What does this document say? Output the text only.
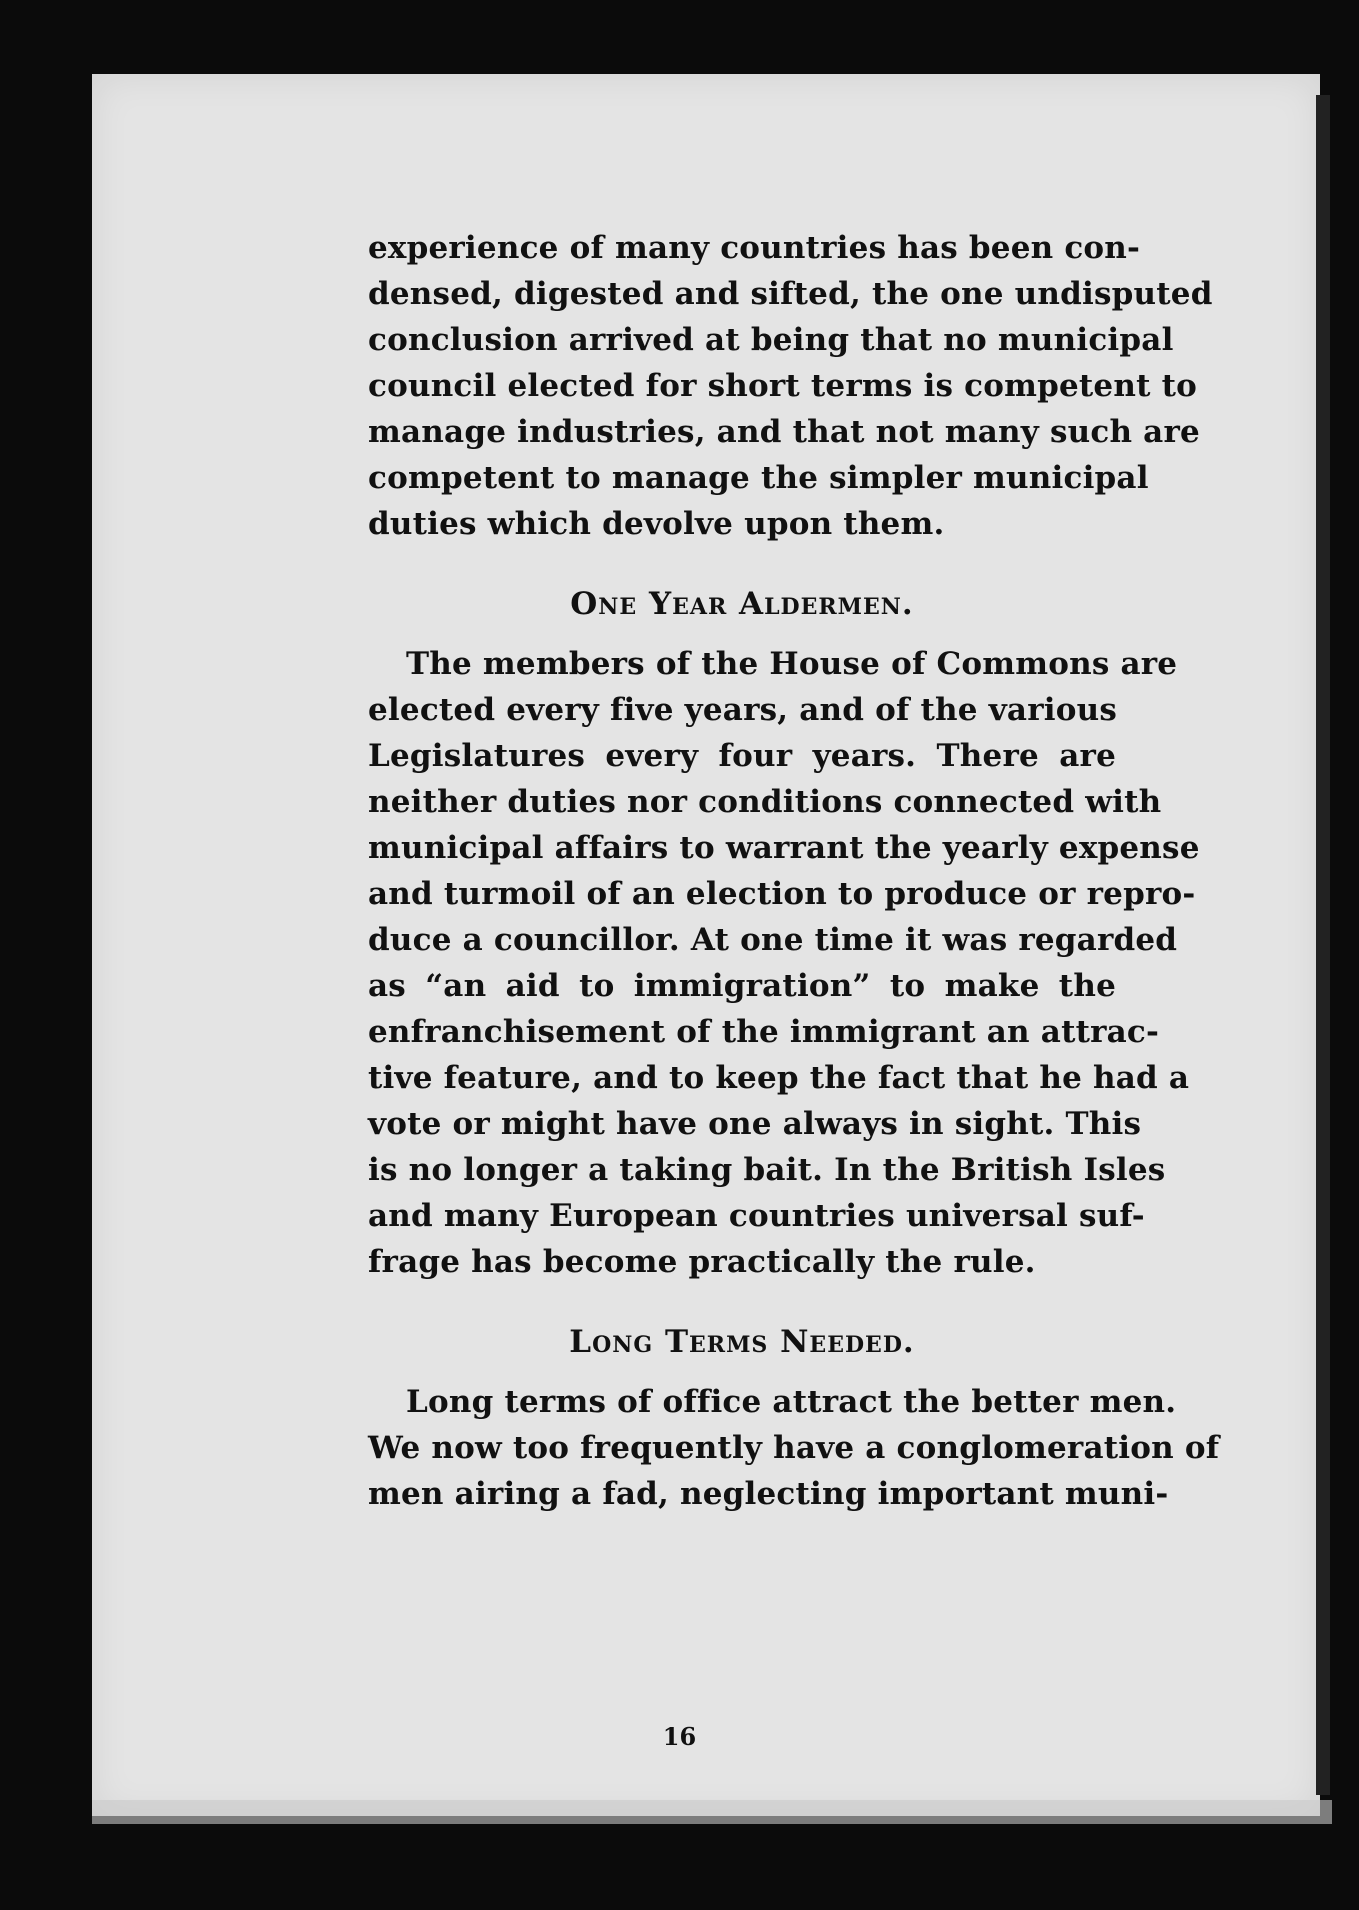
experience of many countries has been con-
densed, digested and sifted, the one undisputed
conclusion arrived at being that no municipal
council elected for short terms is competent to
manage industries, and that not many such are
competent to manage the simpler municipal
duties which devolve upon them.
One Year Aldermen.
The members of the House of Commons are
elected every five years, and of the various
Legislatures every four years. There are
neither duties nor conditions connected with
municipal affairs to warrant the yearly expense
and turmoil of an election to produce or repro-
duce a councillor. At one time it was regarded
as “an aid to immigration” to make the
enfranchisement of the immigrant an attrac-
tive feature, and to keep the fact that he had a
vote or might have one always in sight. This
is no longer a taking bait. In the British Isles
and many European countries universal suf-
frage has become practically the rule.
Long Terms Needed.
Long terms of office attract the better men.
We now too frequently have a conglomeration of
men airing a fad, neglecting important muni-
16
